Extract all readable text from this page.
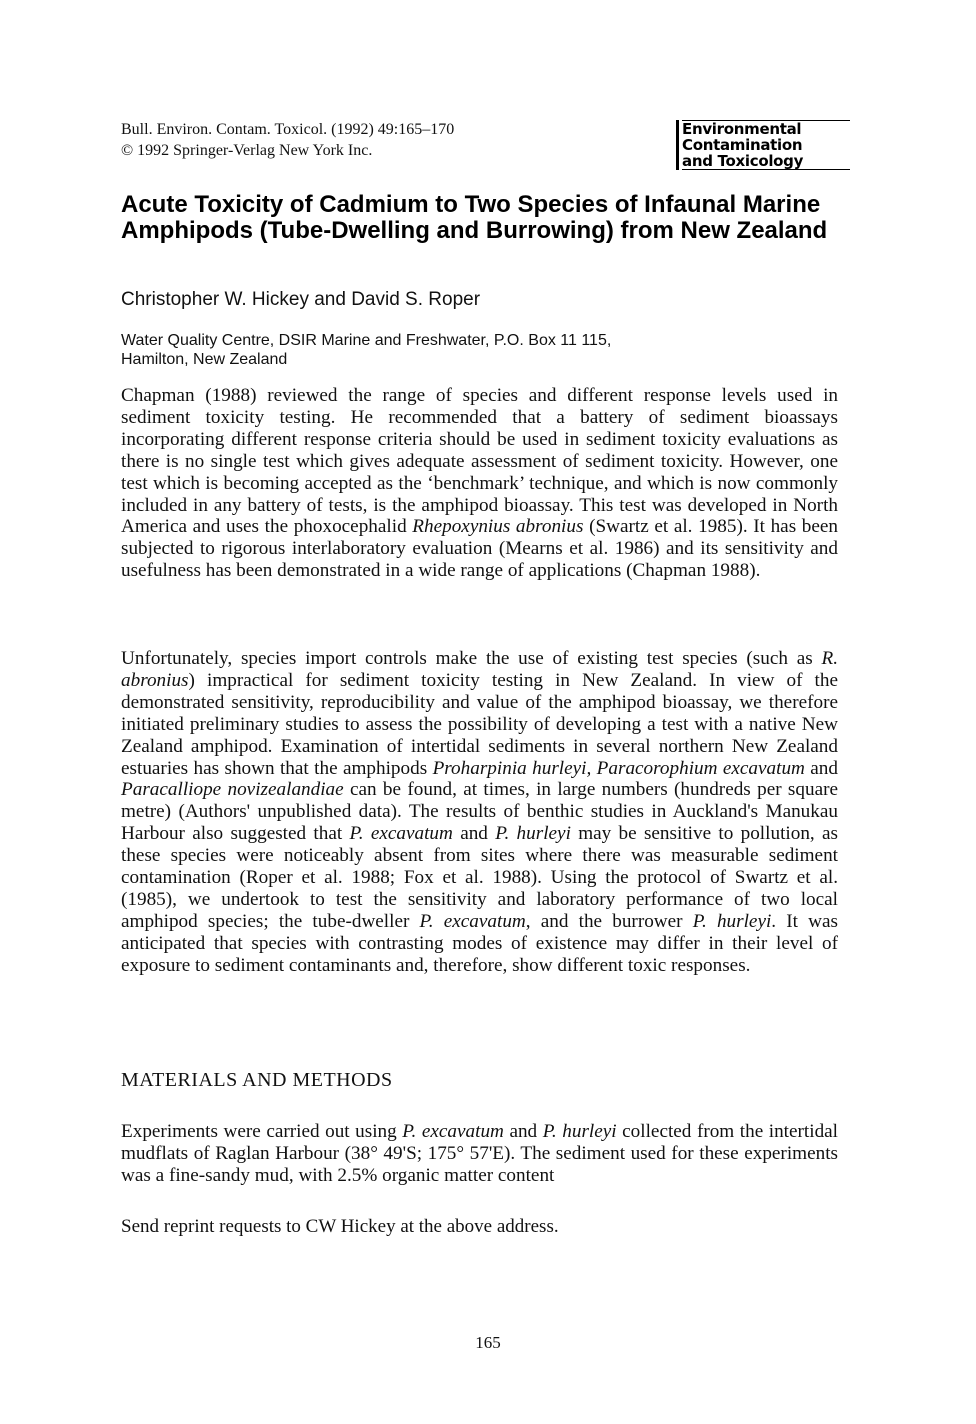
Bull. Environ. Contam. Toxicol. (1992) 49:165–170
© 1992 Springer-Verlag New York Inc.
Environmental
Contamination
and Toxicology
Acute Toxicity of Cadmium to Two Species of Infaunal Marine Amphipods (Tube-Dwelling and Burrowing) from New Zealand
Christopher W. Hickey and David S. Roper
Water Quality Centre, DSIR Marine and Freshwater, P.O. Box 11 115,
Hamilton, New Zealand

Chapman (1988) reviewed the range of species and different response levels used in sediment toxicity testing. He recommended that a battery of sediment bioassays incorporating different response criteria should be used in sediment toxicity evaluations as there is no single test which gives adequate assessment of sediment toxicity. However, one test which is becoming accepted as the ‘benchmark’ technique, and which is now commonly included in any battery of tests, is the amphipod bioassay. This test was developed in North America and uses the phoxocephalid Rhepoxynius abronius (Swartz et al. 1985). It has been subjected to rigorous interlaboratory evaluation (Mearns et al. 1986) and its sensitivity and usefulness has been demonstrated in a wide range of applications (Chapman 1988).

Unfortunately, species import controls make the use of existing test species (such as R. abronius) impractical for sediment toxicity testing in New Zealand. In view of the demonstrated sensitivity, reproducibility and value of the amphipod bioassay, we therefore initiated preliminary studies to assess the possibility of developing a test with a native New Zealand amphipod. Examination of intertidal sediments in several northern New Zealand estuaries has shown that the amphipods Proharpinia hurleyi, Paracorophium excavatum and Paracalliope novizealandiae can be found, at times, in large numbers (hundreds per square metre) (Authors' unpublished data). The results of benthic studies in Auckland's Manukau Harbour also suggested that P. excavatum and P. hurleyi may be sensitive to pollution, as these species were noticeably absent from sites where there was measurable sediment contamination (Roper et al. 1988; Fox et al. 1988). Using the protocol of Swartz et al. (1985), we undertook to test the sensitivity and laboratory performance of two local amphipod species; the tube-dweller P. excavatum, and the burrower P. hurleyi. It was anticipated that species with contrasting modes of existence may differ in their level of exposure to sediment contaminants and, therefore, show different toxic responses.

MATERIALS AND METHODS

Experiments were carried out using P. excavatum and P. hurleyi collected from the intertidal mudflats of Raglan Harbour (38° 49'S; 175° 57'E). The sediment used for these experiments was a fine-sandy mud, with 2.5% organic matter content

Send reprint requests to CW Hickey at the above address.
165
